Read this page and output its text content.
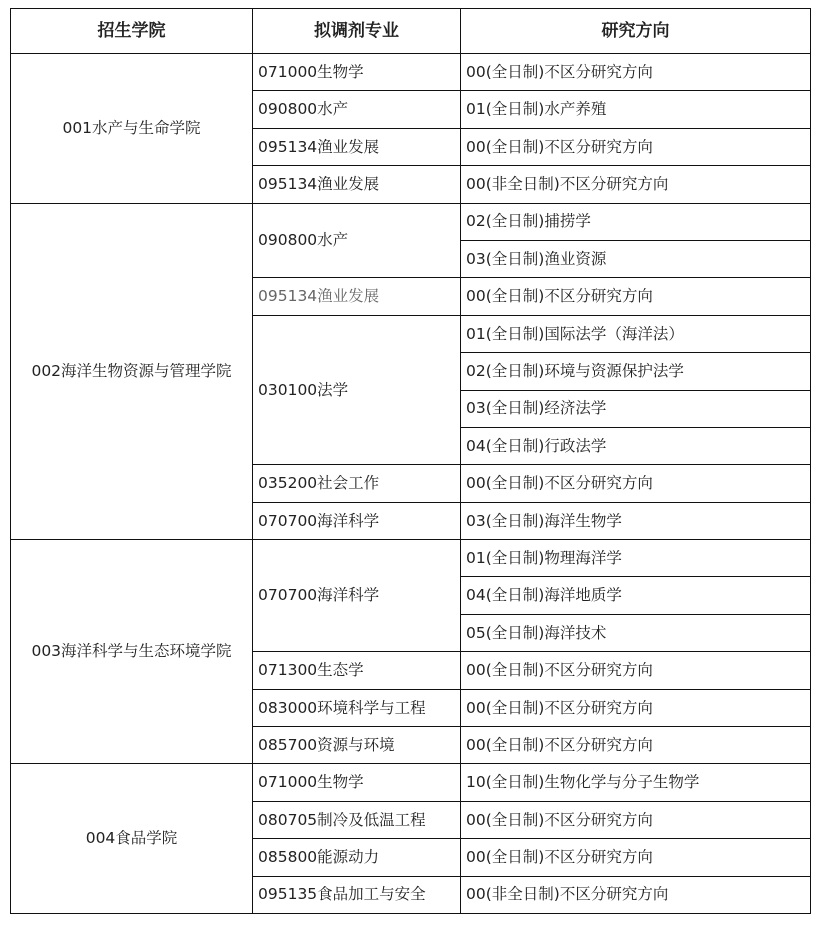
招生学院	拟调剂专业	研究方向
001水产与生命学院	071000生物学	00(全日制)不区分研究方向
	090800水产	01(全日制)水产养殖
	095134渔业发展	00(全日制)不区分研究方向
	095134渔业发展	00(非全日制)不区分研究方向
002海洋生物资源与管理学院	090800水产	02(全日制)捕捞学
		03(全日制)渔业资源
	095134渔业发展	00(全日制)不区分研究方向
	030100法学	01(全日制)国际法学（海洋法）
		02(全日制)环境与资源保护法学
		03(全日制)经济法学
		04(全日制)行政法学
	035200社会工作	00(全日制)不区分研究方向
	070700海洋科学	03(全日制)海洋生物学
003海洋科学与生态环境学院	070700海洋科学	01(全日制)物理海洋学
		04(全日制)海洋地质学
		05(全日制)海洋技术
	071300生态学	00(全日制)不区分研究方向
	083000环境科学与工程	00(全日制)不区分研究方向
	085700资源与环境	00(全日制)不区分研究方向
004食品学院	071000生物学	10(全日制)生物化学与分子生物学
	080705制冷及低温工程	00(全日制)不区分研究方向
	085800能源动力	00(全日制)不区分研究方向
	095135食品加工与安全	00(非全日制)不区分研究方向
